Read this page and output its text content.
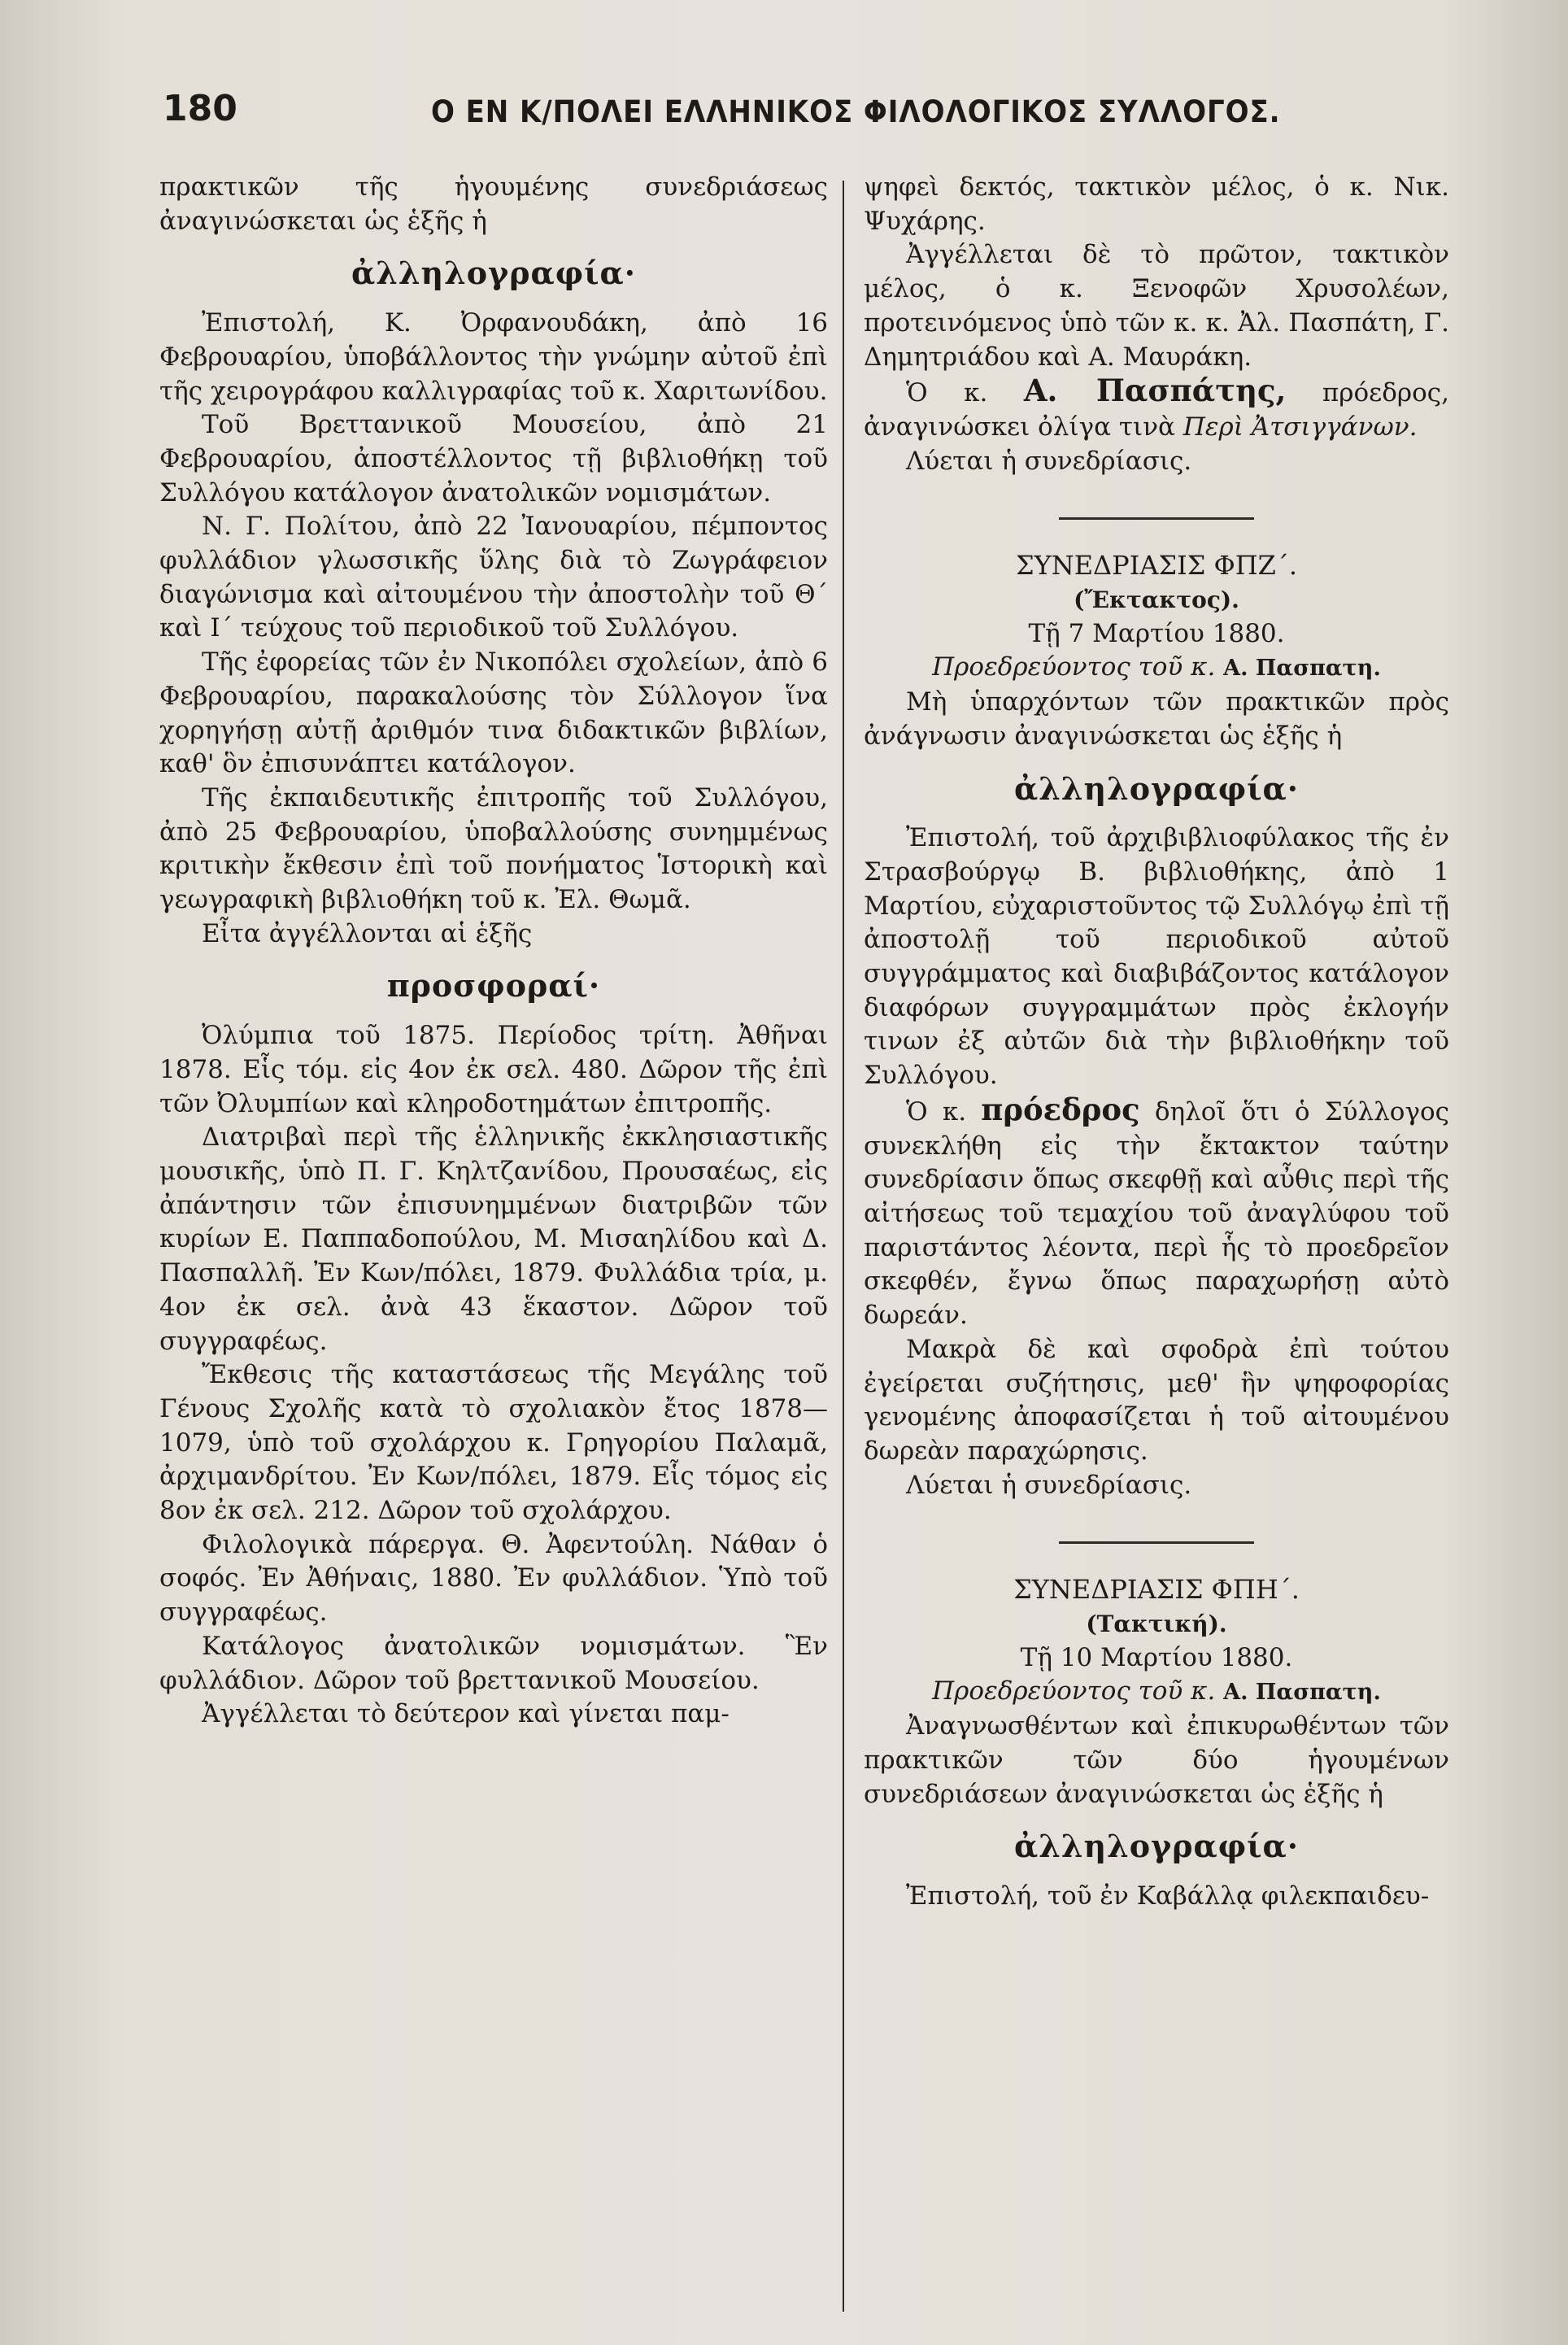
180	Ο ΕΝ Κ/ΠΟΛΕΙ ΕΛΛΗΝΙΚΟΣ ΦΙΛΟΛΟΓΙΚΟΣ ΣΥΛΛΟΓΟΣ.

πρακτικῶν τῆς ἡγουμένης συνεδριάσεως ἀναγινώσκεται ὡς ἑξῆς ἡ

ἀλληλογραφία·

Ἐπιστολή, Κ. Ὀρφανουδάκη, ἀπὸ 16 Φεβρουαρίου, ὑποβάλλοντος τὴν γνώμην αὐτοῦ ἐπὶ τῆς χειρογράφου καλλιγραφίας τοῦ κ. Χαριτωνίδου.

Τοῦ Βρεττανικοῦ Μουσείου, ἀπὸ 21 Φεβρουαρίου, ἀποστέλλοντος τῇ βιβλιοθήκῃ τοῦ Συλλόγου κατάλογον ἀνατολικῶν νομισμάτων.

Ν. Γ. Πολίτου, ἀπὸ 22 Ἰανουαρίου, πέμποντος φυλλάδιον γλωσσικῆς ὕλης διὰ τὸ Ζωγράφειον διαγώνισμα καὶ αἰτουμένου τὴν ἀποστολὴν τοῦ Θ΄ καὶ Ι΄ τεύχους τοῦ περιοδικοῦ τοῦ Συλλόγου.

Τῆς ἐφορείας τῶν ἐν Νικοπόλει σχολείων, ἀπὸ 6 Φεβρουαρίου, παρακαλούσης τὸν Σύλλογον ἵνα χορηγήσῃ αὐτῇ ἀριθμόν τινα διδακτικῶν βιβλίων, καθ' ὃν ἐπισυνάπτει κατάλογον.

Τῆς ἐκπαιδευτικῆς ἐπιτροπῆς τοῦ Συλλόγου, ἀπὸ 25 Φεβρουαρίου, ὑποβαλλούσης συνημμένως κριτικὴν ἔκθεσιν ἐπὶ τοῦ πονήματος Ἱστορικὴ καὶ γεωγραφικὴ βιβλιοθήκη τοῦ κ. Ἐλ. Θωμᾶ.

Εἶτα ἀγγέλλονται αἱ ἑξῆς

προσφοραί·

Ὀλύμπια τοῦ 1875. Περίοδος τρίτη. Ἀθῆναι 1878. Εἷς τόμ. εἰς 4ον ἐκ σελ. 480. Δῶρον τῆς ἐπὶ τῶν Ὀλυμπίων καὶ κληροδοτημάτων ἐπιτροπῆς.

Διατριβαὶ περὶ τῆς ἑλληνικῆς ἐκκλησιαστικῆς μουσικῆς, ὑπὸ Π. Γ. Κηλτζανίδου, Προυσαέως, εἰς ἀπάντησιν τῶν ἐπισυνημμένων διατριβῶν τῶν κυρίων Ε. Παππαδοπούλου, Μ. Μισαηλίδου καὶ Δ. Πασπαλλῆ. Ἐν Κων/πόλει, 1879. Φυλλάδια τρία, μ. 4ον ἐκ σελ. ἀνὰ 43 ἕκαστον. Δῶρον τοῦ συγγραφέως.

Ἔκθεσις τῆς καταστάσεως τῆς Μεγάλης τοῦ Γένους Σχολῆς κατὰ τὸ σχολιακὸν ἔτος 1878—1079, ὑπὸ τοῦ σχολάρχου κ. Γρηγορίου Παλαμᾶ, ἀρχιμανδρίτου. Ἐν Κων/πόλει, 1879. Εἷς τόμος εἰς 8ον ἐκ σελ. 212. Δῶρον τοῦ σχολάρχου.

Φιλολογικὰ πάρεργα. Θ. Ἀφεντούλη. Νάθαν ὁ σοφός. Ἐν Ἀθήναις, 1880. Ἐν φυλλάδιον. Ὑπὸ τοῦ συγγραφέως.

Κατάλογος ἀνατολικῶν νομισμάτων. Ἓν φυλλάδιον. Δῶρον τοῦ βρεττανικοῦ Μουσείου.

Ἀγγέλλεται τὸ δεύτερον καὶ γίνεται παμ-

ψηφεὶ δεκτός, τακτικὸν μέλος, ὁ κ. Νικ. Ψυχάρης.

Ἀγγέλλεται δὲ τὸ πρῶτον, τακτικὸν μέλος, ὁ κ. Ξενοφῶν Χρυσολέων, προτεινόμενος ὑπὸ τῶν κ. κ. Ἀλ. Πασπάτη, Γ. Δημητριάδου καὶ Α. Μαυράκη.

Ὁ κ. Α. Πασπάτης, πρόεδρος, ἀναγινώσκει ὀλίγα τινὰ Περὶ Ἀτσιγγάνων.

Λύεται ἡ συνεδρίασις.

ΣΥΝΕΔΡΙΑΣΙΣ ΦΠΖ΄.

(Ἔκτακτος).

Τῇ 7 Μαρτίου 1880.

Προεδρεύοντος τοῦ κ. Α. Πασπατη.

Μὴ ὑπαρχόντων τῶν πρακτικῶν πρὸς ἀνάγνωσιν ἀναγινώσκεται ὡς ἑξῆς ἡ

ἀλληλογραφία·

Ἐπιστολή, τοῦ ἀρχιβιβλιοφύλακος τῆς ἐν Στρασβούργῳ Β. βιβλιοθήκης, ἀπὸ 1 Μαρτίου, εὐχαριστοῦντος τῷ Συλλόγῳ ἐπὶ τῇ ἀποστολῇ τοῦ περιοδικοῦ αὐτοῦ συγγράμματος καὶ διαβιβάζοντος κατάλογον διαφόρων συγγραμμάτων πρὸς ἐκλογήν τινων ἐξ αὐτῶν διὰ τὴν βιβλιοθήκην τοῦ Συλλόγου.

Ὁ κ. πρόεδρος δηλοῖ ὅτι ὁ Σύλλογος συνεκλήθη εἰς τὴν ἔκτακτον ταύτην συνεδρίασιν ὅπως σκεφθῇ καὶ αὖθις περὶ τῆς αἰτήσεως τοῦ τεμαχίου τοῦ ἀναγλύφου τοῦ παριστάντος λέοντα, περὶ ἧς τὸ προεδρεῖον σκεφθέν, ἔγνω ὅπως παραχωρήσῃ αὐτὸ δωρεάν.

Μακρὰ δὲ καὶ σφοδρὰ ἐπὶ τούτου ἐγείρεται συζήτησις, μεθ' ἣν ψηφοφορίας γενομένης ἀποφασίζεται ἡ τοῦ αἰτουμένου δωρεὰν παραχώρησις.

Λύεται ἡ συνεδρίασις.

ΣΥΝΕΔΡΙΑΣΙΣ ΦΠΗ΄.

(Τακτική).

Τῇ 10 Μαρτίου 1880.

Προεδρεύοντος τοῦ κ. Α. Πασπατη.

Ἀναγνωσθέντων καὶ ἐπικυρωθέντων τῶν πρακτικῶν τῶν δύο ἡγουμένων συνεδριάσεων ἀναγινώσκεται ὡς ἑξῆς ἡ

ἀλληλογραφία·

Ἐπιστολή, τοῦ ἐν Καβάλλᾳ φιλεκπαιδευ-
